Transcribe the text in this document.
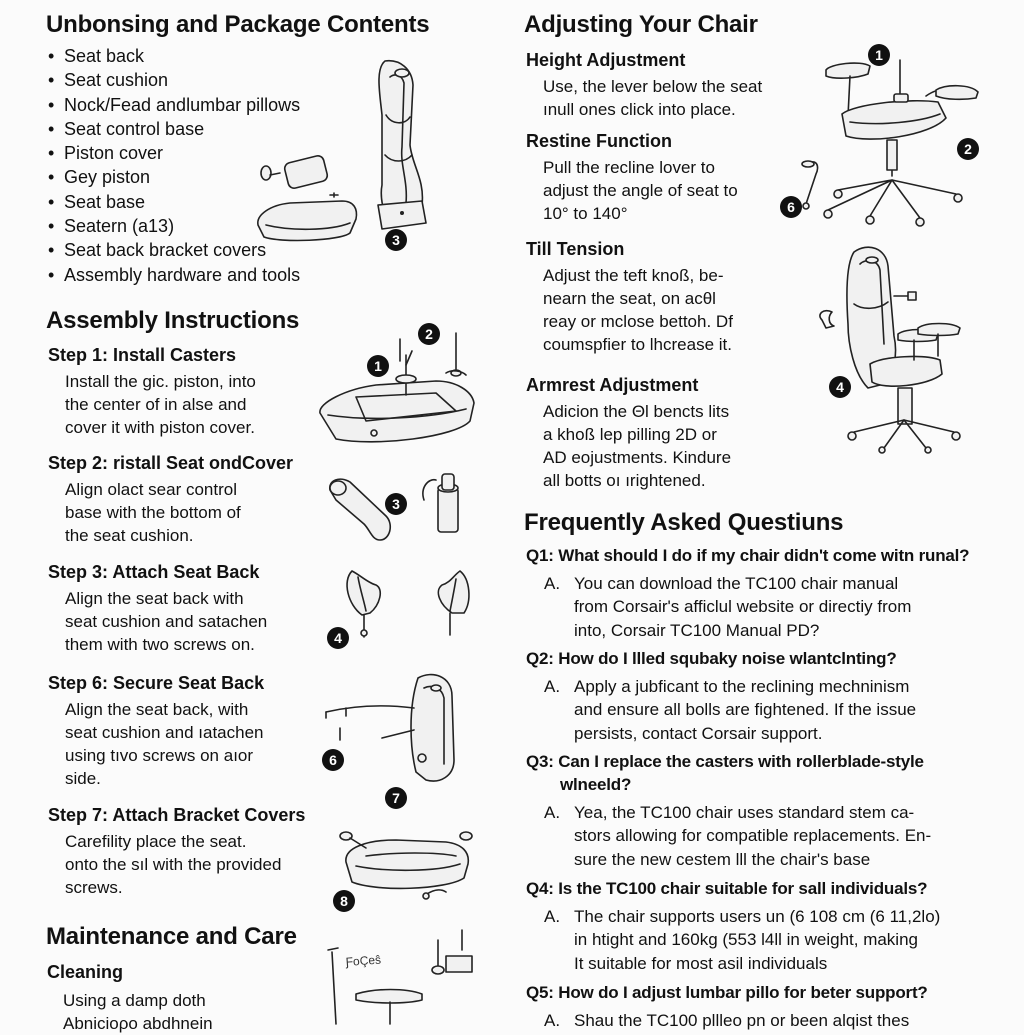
Unbonsing and Package Contents
• Seat back
• Seat cushion
• Nock/Fead andlumbar pillows
• Seat control base
• Piston cover
• Gey piston
• Seat base
• Seatern (a13)
• Seat back bracket covers
• Assembly hardware and tools
Assembly Instructions
Step 1: Install Casters
Install the gic. piston, into
the center of in alse and
cover it with piston cover.
Step 2: ristall Seat ondCover
Align olact sear control
base with the bottom of
the seat cushion.
Step 3: Attach Seat Back
Align the seat back with
seat cushion and satachen
them with two screws on.
Step 6: Secure Seat Back
Align the seat back, with
seat cushion and ıatachen
using tıvo screws on aıor
side.
Step 7: Attach Bracket Covers
Carefility place the seat.
onto the sıl with the provided
screws.
Maintenance and Care
Cleaning
Using a damp doth
Abnicioρο abdhnein
Adjusting Your Chair
Height Adjustment
Use, the lever below the seat
ınull ones click into place.
Restine Function
Pull the recline lover to
adjust the angle of seat to
10° to 140°
Till Tension
Adjust the teft knoß, be-
nearn the seat, on acθl
reay or mclose bettoh. Df
coumspfier to lhcrease it.
Armrest Adjustment
Adicion the Θl bencts lits
a khoß lep pilling 2D or
AD eojustments. Kindure
all botts oı ırightened.
Frequently Asked Questiuns
Q1: What should I do if my chair didn't come witn runal?
A. You can download the TC100 chair manual
from Corsair's afficlul website or directiy from
into, Corsair TC100 Manual PD?
Q2: How do I llled squbaky noise wlantclnting?
A. Apply a jubficant to the reclining mechninism
and ensure all bolls are fightened. If the issue
persists, contact Corsair support.
Q3: Can I replace the casters with rollerblade-style
wlneeld?
A. Yea, the TC100 chair uses standard stem ca-
stors allowing for compatible replacements. En-
sure the new cestem lll the chair's base
Q4: Is the TC100 chair suitable for sall individuals?
A. The chair supports users un (6 108 cm (6 11,2lo)
in htight and 160kg (553 l4ll in weight, making
It suitable for most asil individuals
Q5: How do I adjust lumbar pillo for beter support?
A. Shau the TC100 pllleo pn or been alqist thes
3
1
2
3
4
6
7
8
ƑoÇeŝ
1
2
6
4
